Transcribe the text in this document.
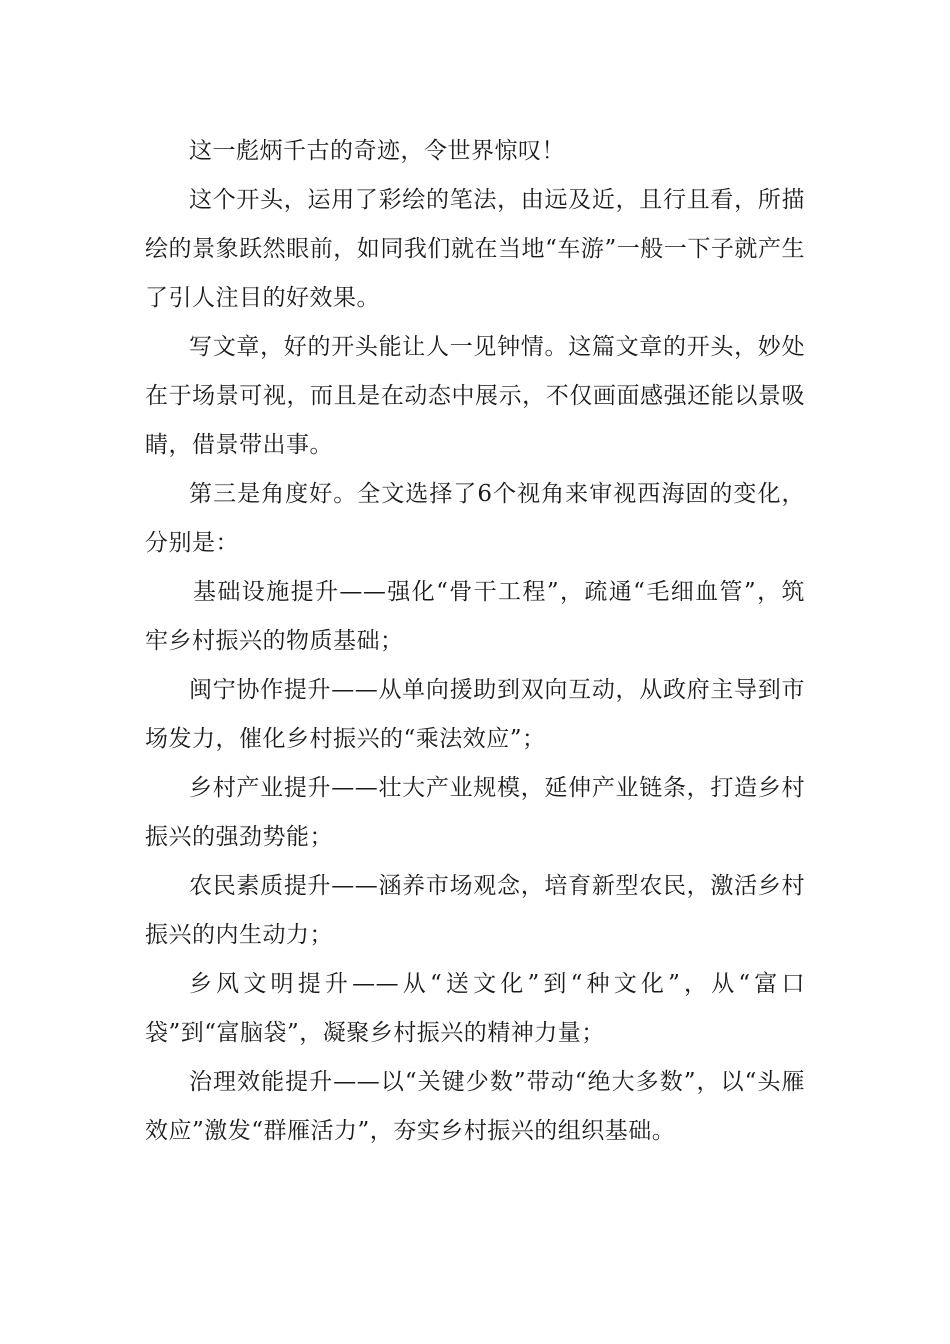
这一彪炳千古的奇迹，令世界惊叹！

这个开头，运用了彩绘的笔法，由远及近，且行且看，所描绘的景象跃然眼前，如同我们就在当地“车游”一般一下子就产生了引人注目的好效果。

写文章，好的开头能让人一见钟情。这篇文章的开头，妙处在于场景可视，而且是在动态中展示，不仅画面感强还能以景吸睛，借景带出事。

第三是角度好。全文选择了6个视角来审视西海固的变化，分别是：

基础设施提升——强化“骨干工程”，疏通“毛细血管”，筑牢乡村振兴的物质基础；

闽宁协作提升——从单向援助到双向互动，从政府主导到市场发力，催化乡村振兴的“乘法效应”；

乡村产业提升——壮大产业规模，延伸产业链条，打造乡村振兴的强劲势能；

农民素质提升——涵养市场观念，培育新型农民，激活乡村振兴的内生动力；

乡风文明提升——从“送文化”到“种文化”，从“富口袋”到“富脑袋”，凝聚乡村振兴的精神力量；

治理效能提升——以“关键少数”带动“绝大多数”，以“头雁效应”激发“群雁活力”，夯实乡村振兴的组织基础。
